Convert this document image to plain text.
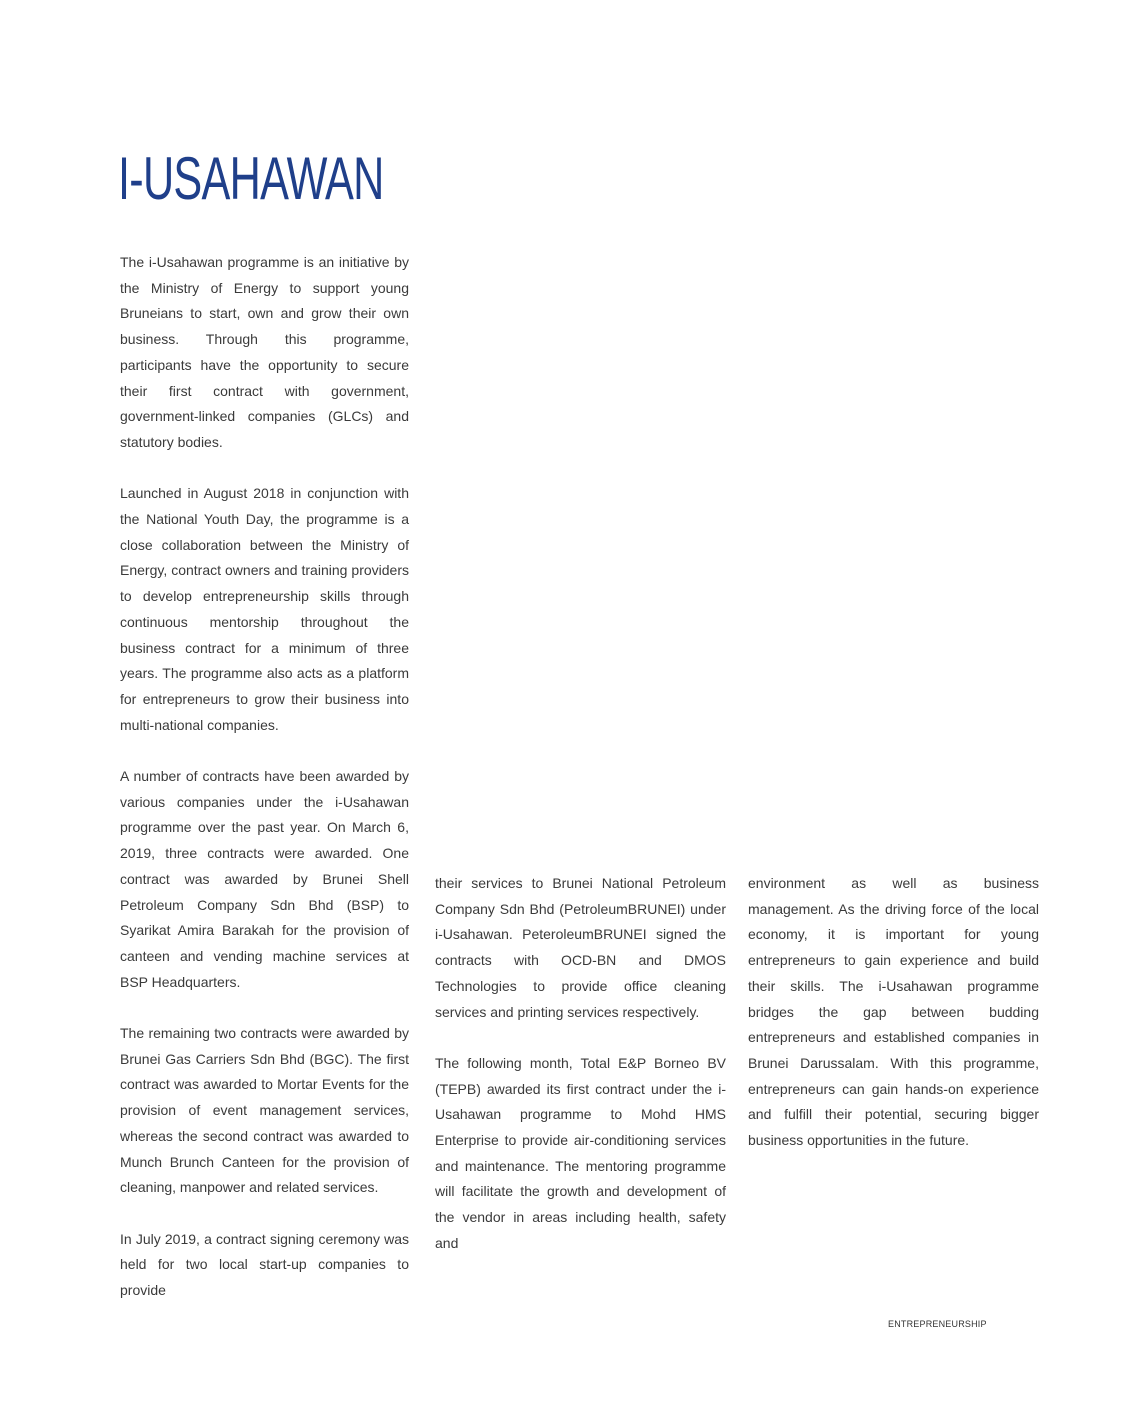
I-USAHAWAN

The i-Usahawan programme is an initiative by the Ministry of Energy to support young Bruneians to start, own and grow their own business. Through this programme, participants have the opportunity to secure their first contract with government, government-linked companies (GLCs) and statutory bodies.

Launched in August 2018 in conjunction with the National Youth Day, the programme is a close collaboration between the Ministry of Energy, contract owners and training providers to develop entrepreneurship skills through continuous mentorship throughout the business contract for a minimum of three years. The programme also acts as a platform for entrepreneurs to grow their business into multi-national companies.

A number of contracts have been awarded by various companies under the i-Usahawan programme over the past year. On March 6, 2019, three contracts were awarded. One contract was awarded by Brunei Shell Petroleum Company Sdn Bhd (BSP) to Syarikat Amira Barakah for the provision of canteen and vending machine services at BSP Headquarters.

The remaining two contracts were awarded by Brunei Gas Carriers Sdn Bhd (BGC). The first contract was awarded to Mortar Events for the provision of event management services, whereas the second contract was awarded to Munch Brunch Canteen for the provision of cleaning, manpower and related services.

In July 2019, a contract signing ceremony was held for two local start-up companies to provide

their services to Brunei National Petroleum Company Sdn Bhd (PetroleumBRUNEI) under i-Usahawan. PeteroleumBRUNEI signed the contracts with OCD-BN and DMOS Technologies to provide office cleaning services and printing services respectively.

The following month, Total E&P Borneo BV (TEPB) awarded its first contract under the i-Usahawan programme to Mohd HMS Enterprise to provide air-conditioning services and maintenance. The mentoring programme will facilitate the growth and development of the vendor in areas including health, safety and

environment as well as business management. As the driving force of the local economy, it is important for young entrepreneurs to gain experience and build their skills. The i-Usahawan programme bridges the gap between budding entrepreneurs and established companies in Brunei Darussalam. With this programme, entrepreneurs can gain hands-on experience and fulfill their potential, securing bigger business opportunities in the future.

ENTREPRENEURSHIP
